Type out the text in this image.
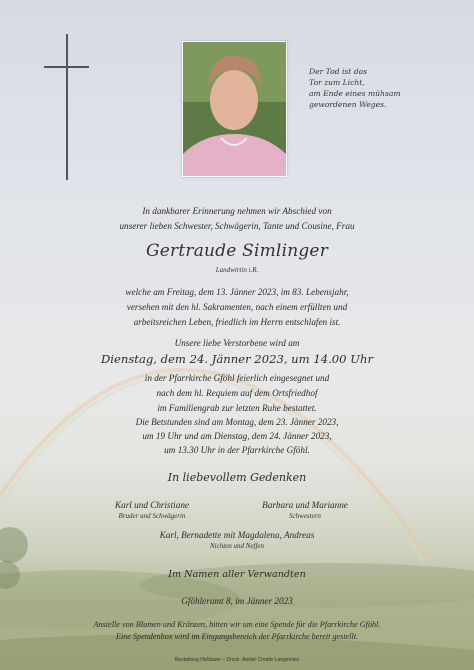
Der Tod ist das
Tor zum Licht,
am Ende eines mühsam
gewordenen Weges.
In dankbarer Erinnerung nehmen wir Abschied von
unserer lieben Schwester, Schwägerin, Tante und Cousine, Frau
Gertraude Simlinger
Landwirtin i.R.
welche am Freitag, dem 13. Jänner 2023, im 83. Lebensjahr,
versehen mit den hl. Sakramenten, nach einem erfüllten und
arbeitsreichen Leben, friedlich im Herrn entschlafen ist.
Unsere liebe Verstorbene wird am
Dienstag, dem 24. Jänner 2023, um 14.00 Uhr
in der Pfarrkirche Gföhl feierlich eingesegnet und
nach dem hl. Requiem auf dem Ortsfriedhof
im Familiengrab zur letzten Ruhe bestattet.
Die Betstunden sind am Montag, dem 23. Jänner 2023,
um 19 Uhr und am Dienstag, dem 24. Jänner 2023,
um 13.30 Uhr in der Pfarrkirche Gföhl.
In liebevollem Gedenken
Karl und Christiane
Bruder und Schwägerin
Barbara und Marianne
Schwestern
Karl, Bernadette mit Magdalena, Andreas
Nichten und Neffen
Im Namen aller Verwandten
Gföhleramt 8, im Jänner 2023
Anstelle von Blumen und Kränzen, bitten wir um eine Spende für die Pfarrkirche Gföhl.
Eine Spendenbox wird im Eingangsbereich der Pfarrkirche bereit gestellt.
Bestattung Haßlauer – Druck: Atelier Creativ Langenlois
